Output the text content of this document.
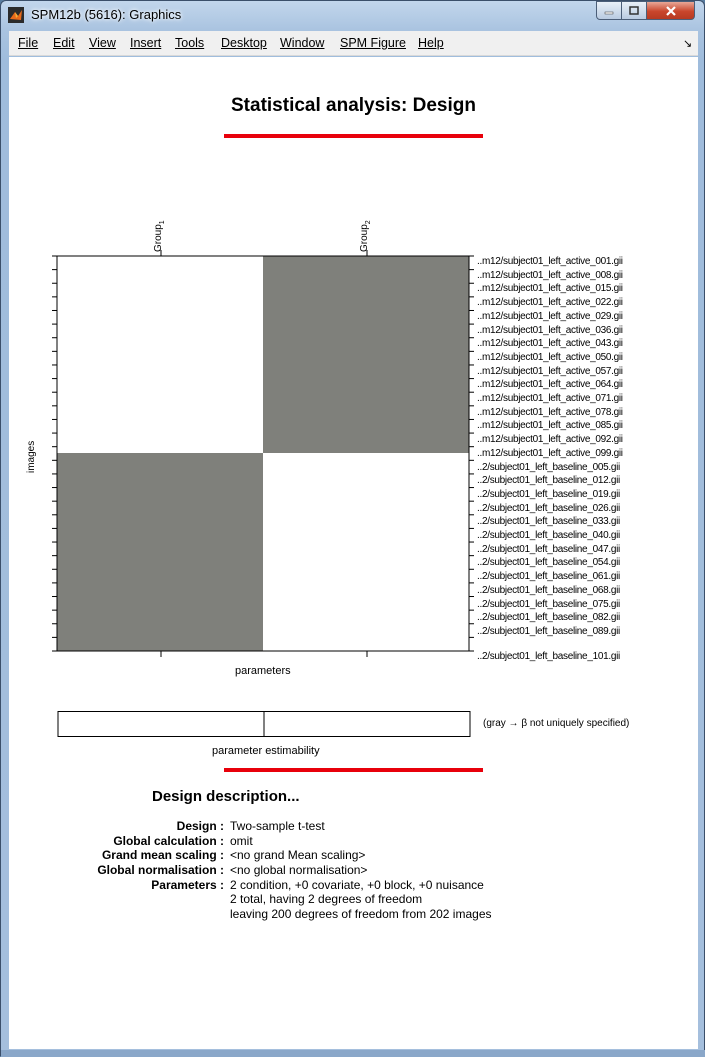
SPM12b (5616): Graphics
File Edit View Insert Tools Desktop Window SPM Figure Help	↘
Statistical analysis: Design
Group$_1$
Group$_2$
..m12/subject01_left_active_001.gii
..m12/subject01_left_active_008.gii
..m12/subject01_left_active_015.gii
..m12/subject01_left_active_022.gii
..m12/subject01_left_active_029.gii
..m12/subject01_left_active_036.gii
..m12/subject01_left_active_043.gii
..m12/subject01_left_active_050.gii
..m12/subject01_left_active_057.gii
..m12/subject01_left_active_064.gii
..m12/subject01_left_active_071.gii
..m12/subject01_left_active_078.gii
..m12/subject01_left_active_085.gii
..m12/subject01_left_active_092.gii
..m12/subject01_left_active_099.gii
..2/subject01_left_baseline_005.gii
..2/subject01_left_baseline_012.gii
..2/subject01_left_baseline_019.gii
..2/subject01_left_baseline_026.gii
..2/subject01_left_baseline_033.gii
..2/subject01_left_baseline_040.gii
..2/subject01_left_baseline_047.gii
..2/subject01_left_baseline_054.gii
..2/subject01_left_baseline_061.gii
..2/subject01_left_baseline_068.gii
..2/subject01_left_baseline_075.gii
..2/subject01_left_baseline_082.gii
..2/subject01_left_baseline_089.gii
..2/subject01_left_baseline_101.gii
images
parameters
(gray → β not uniquely specified)
parameter estimability
Design description...
Design : Two-sample t-test
Global calculation : omit
Grand mean scaling : <no grand Mean scaling>
Global normalisation : <no global normalisation>
Parameters : 2 condition, +0 covariate, +0 block, +0 nuisance
2 total, having 2 degrees of freedom
leaving 200 degrees of freedom from 202 images
